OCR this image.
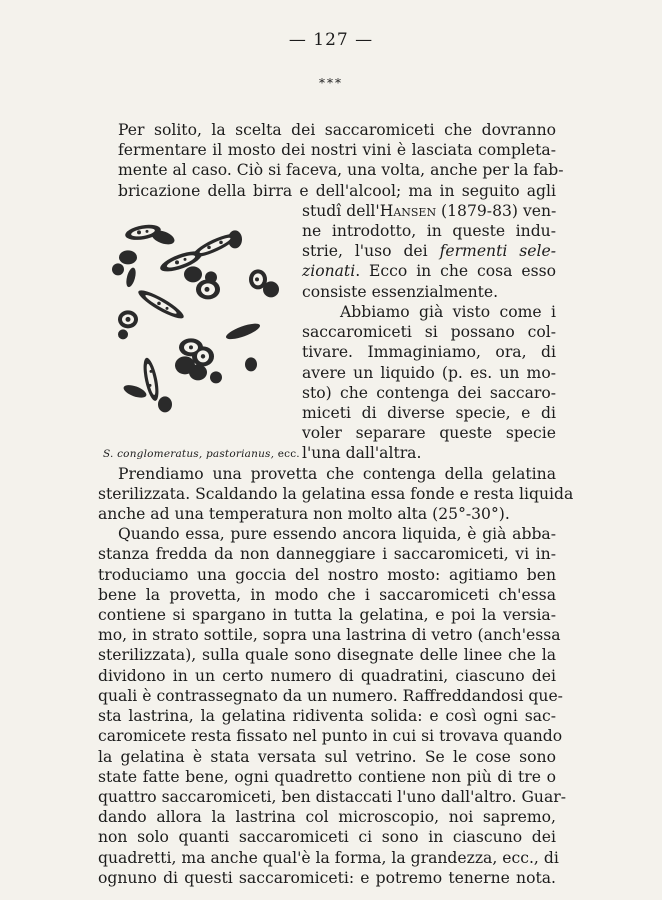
— 127 —
***
Per solito, la scelta dei saccaromiceti che dovranno
fermentare il mosto dei nostri vini è lasciata completa-
mente al caso. Ciò si faceva, una volta, anche per la fab-
bricazione della birra e dell'alcool; ma in seguito agli
S. conglomeratus, pastorianus, ecc.
studî dell'Hansen (1879-83) ven-
ne introdotto, in queste indu-
strie, l'uso dei fermenti sele-
zionati. Ecco in che cosa esso
consiste essenzialmente.
Abbiamo già visto come i
saccaromiceti si possano col-
tivare. Immaginiamo, ora, di
avere un liquido (p. es. un mo-
sto) che contenga dei saccaro-
miceti di diverse specie, e di
voler separare queste specie
l'una dall'altra.
Prendiamo una provetta che contenga della gelatina
sterilizzata. Scaldando la gelatina essa fonde e resta liquida
anche ad una temperatura non molto alta (25°-30°).
Quando essa, pure essendo ancora liquida, è già abba-
stanza fredda da non danneggiare i saccaromiceti, vi in-
troduciamo una goccia del nostro mosto: agitiamo ben
bene la provetta, in modo che i saccaromiceti ch'essa
contiene si spargano in tutta la gelatina, e poi la versia-
mo, in strato sottile, sopra una lastrina di vetro (anch'essa
sterilizzata), sulla quale sono disegnate delle linee che la
dividono in un certo numero di quadratini, ciascuno dei
quali è contrassegnato da un numero. Raffreddandosi que-
sta lastrina, la gelatina ridiventa solida: e così ogni sac-
caromicete resta fissato nel punto in cui si trovava quando
la gelatina è stata versata sul vetrino. Se le cose sono
state fatte bene, ogni quadretto contiene non più di tre o
quattro saccaromiceti, ben distaccati l'uno dall'altro. Guar-
dando allora la lastrina col microscopio, noi sapremo,
non solo quanti saccaromiceti ci sono in ciascuno dei
quadretti, ma anche qual'è la forma, la grandezza, ecc., di
ognuno di questi saccaromiceti: e potremo tenerne nota.
